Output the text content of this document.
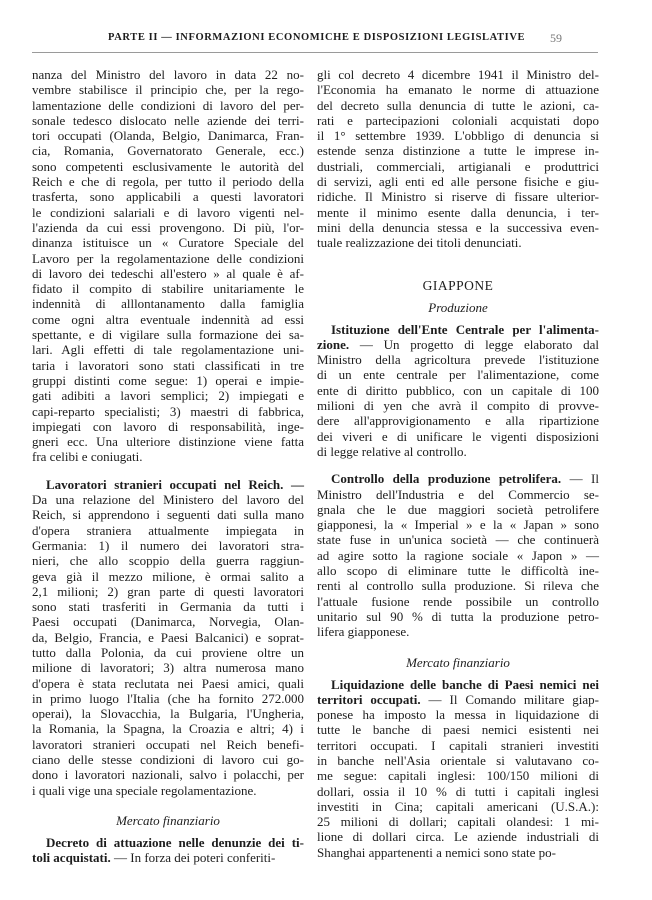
PARTE II — INFORMAZIONI ECONOMICHE E DISPOSIZIONI LEGISLATIVE 59
nanza del Ministro del lavoro in data 22 no-
vembre stabilisce il principio che, per la rego-
lamentazione delle condizioni di lavoro del per-
sonale tedesco dislocato nelle aziende dei terri-
tori occupati (Olanda, Belgio, Danimarca, Fran-
cia, Romania, Governatorato Generale, ecc.)
sono competenti esclusivamente le autorità del
Reich e che di regola, per tutto il periodo della
trasferta, sono applicabili a questi lavoratori
le condizioni salariali e di lavoro vigenti nel-
l'azienda da cui essi provengono. Di più, l'or-
dinanza istituisce un « Curatore Speciale del
Lavoro per la regolamentazione delle condizioni
di lavoro dei tedeschi all'estero » al quale è af-
fidato il compito di stabilire unitariamente le
indennità di alllontanamento dalla famiglia
come ogni altra eventuale indennità ad essi
spettante, e di vigilare sulla formazione dei sa-
lari. Agli effetti di tale regolamentazione uni-
taria i lavoratori sono stati classificati in tre
gruppi distinti come segue: 1) operai e impie-
gati adibiti a lavori semplici; 2) impiegati e
capi-reparto specialisti; 3) maestri di fabbrica,
impiegati con lavoro di responsabilità, inge-
gneri ecc. Una ulteriore distinzione viene fatta
fra celibi e coniugati.
Lavoratori stranieri occupati nel Reich. —
Da una relazione del Ministero del lavoro del
Reich, si apprendono i seguenti dati sulla mano
d'opera straniera attualmente impiegata in
Germania: 1) il numero dei lavoratori stra-
nieri, che allo scoppio della guerra raggiun-
geva già il mezzo milione, è ormai salito a
2,1 milioni; 2) gran parte di questi lavoratori
sono stati trasferiti in Germania da tutti i
Paesi occupati (Danimarca, Norvegia, Olan-
da, Belgio, Francia, e Paesi Balcanici) e soprat-
tutto dalla Polonia, da cui proviene oltre un
milione di lavoratori; 3) altra numerosa mano
d'opera è stata reclutata nei Paesi amici, quali
in primo luogo l'Italia (che ha fornito 272.000
operai), la Slovacchia, la Bulgaria, l'Ungheria,
la Romania, la Spagna, la Croazia e altri; 4) i
lavoratori stranieri occupati nel Reich benefi-
ciano delle stesse condizioni di lavoro cui go-
dono i lavoratori nazionali, salvo i polacchi, per
i quali vige una speciale regolamentazione.
Mercato finanziario
Decreto di attuazione nelle denunzie dei ti-
toli acquistati. — In forza dei poteri conferiti-
gli col decreto 4 dicembre 1941 il Ministro del-
l'Economia ha emanato le norme di attuazione
del decreto sulla denuncia di tutte le azioni, ca-
rati e partecipazioni coloniali acquistati dopo
il 1° settembre 1939. L'obbligo di denuncia si
estende senza distinzione a tutte le imprese in-
dustriali, commerciali, artigianali e produttrici
di servizi, agli enti ed alle persone fisiche e giu-
ridiche. Il Ministro si riserve di fissare ulterior-
mente il minimo esente dalla denuncia, i ter-
mini della denuncia stessa e la successiva even-
tuale realizzazione dei titoli denunciati.
GIAPPONE
Produzione
Istituzione dell'Ente Centrale per l'alimenta-
zione. — Un progetto di legge elaborato dal
Ministro della agricoltura prevede l'istituzione
di un ente centrale per l'alimentazione, come
ente di diritto pubblico, con un capitale di 100
milioni di yen che avrà il compito di provve-
dere all'approvigionamento e alla ripartizione
dei viveri e di unificare le vigenti disposizioni
di legge relative al controllo.
Controllo della produzione petrolifera. — Il
Ministro dell'Industria e del Commercio se-
gnala che le due maggiori società petrolifere
giapponesi, la « Imperial » e la « Japan » sono
state fuse in un'unica società — che continuerà
ad agire sotto la ragione sociale « Japon » —
allo scopo di eliminare tutte le difficoltà ine-
renti al controllo sulla produzione. Si rileva che
l'attuale fusione rende possibile un controllo
unitario sul 90 % di tutta la produzione petro-
lifera giapponese.
Mercato finanziario
Liquidazione delle banche di Paesi nemici nei
territori occupati. — Il Comando militare giap-
ponese ha imposto la messa in liquidazione di
tutte le banche di paesi nemici esistenti nei
territori occupati. I capitali stranieri investiti
in banche nell'Asia orientale si valutavano co-
me segue: capitali inglesi: 100/150 milioni di
dollari, ossia il 10 % di tutti i capitali inglesi
investiti in Cina; capitali americani (U.S.A.):
25 milioni di dollari; capitali olandesi: 1 mi-
lione di dollari circa. Le aziende industriali di
Shanghai appartenenti a nemici sono state po-
